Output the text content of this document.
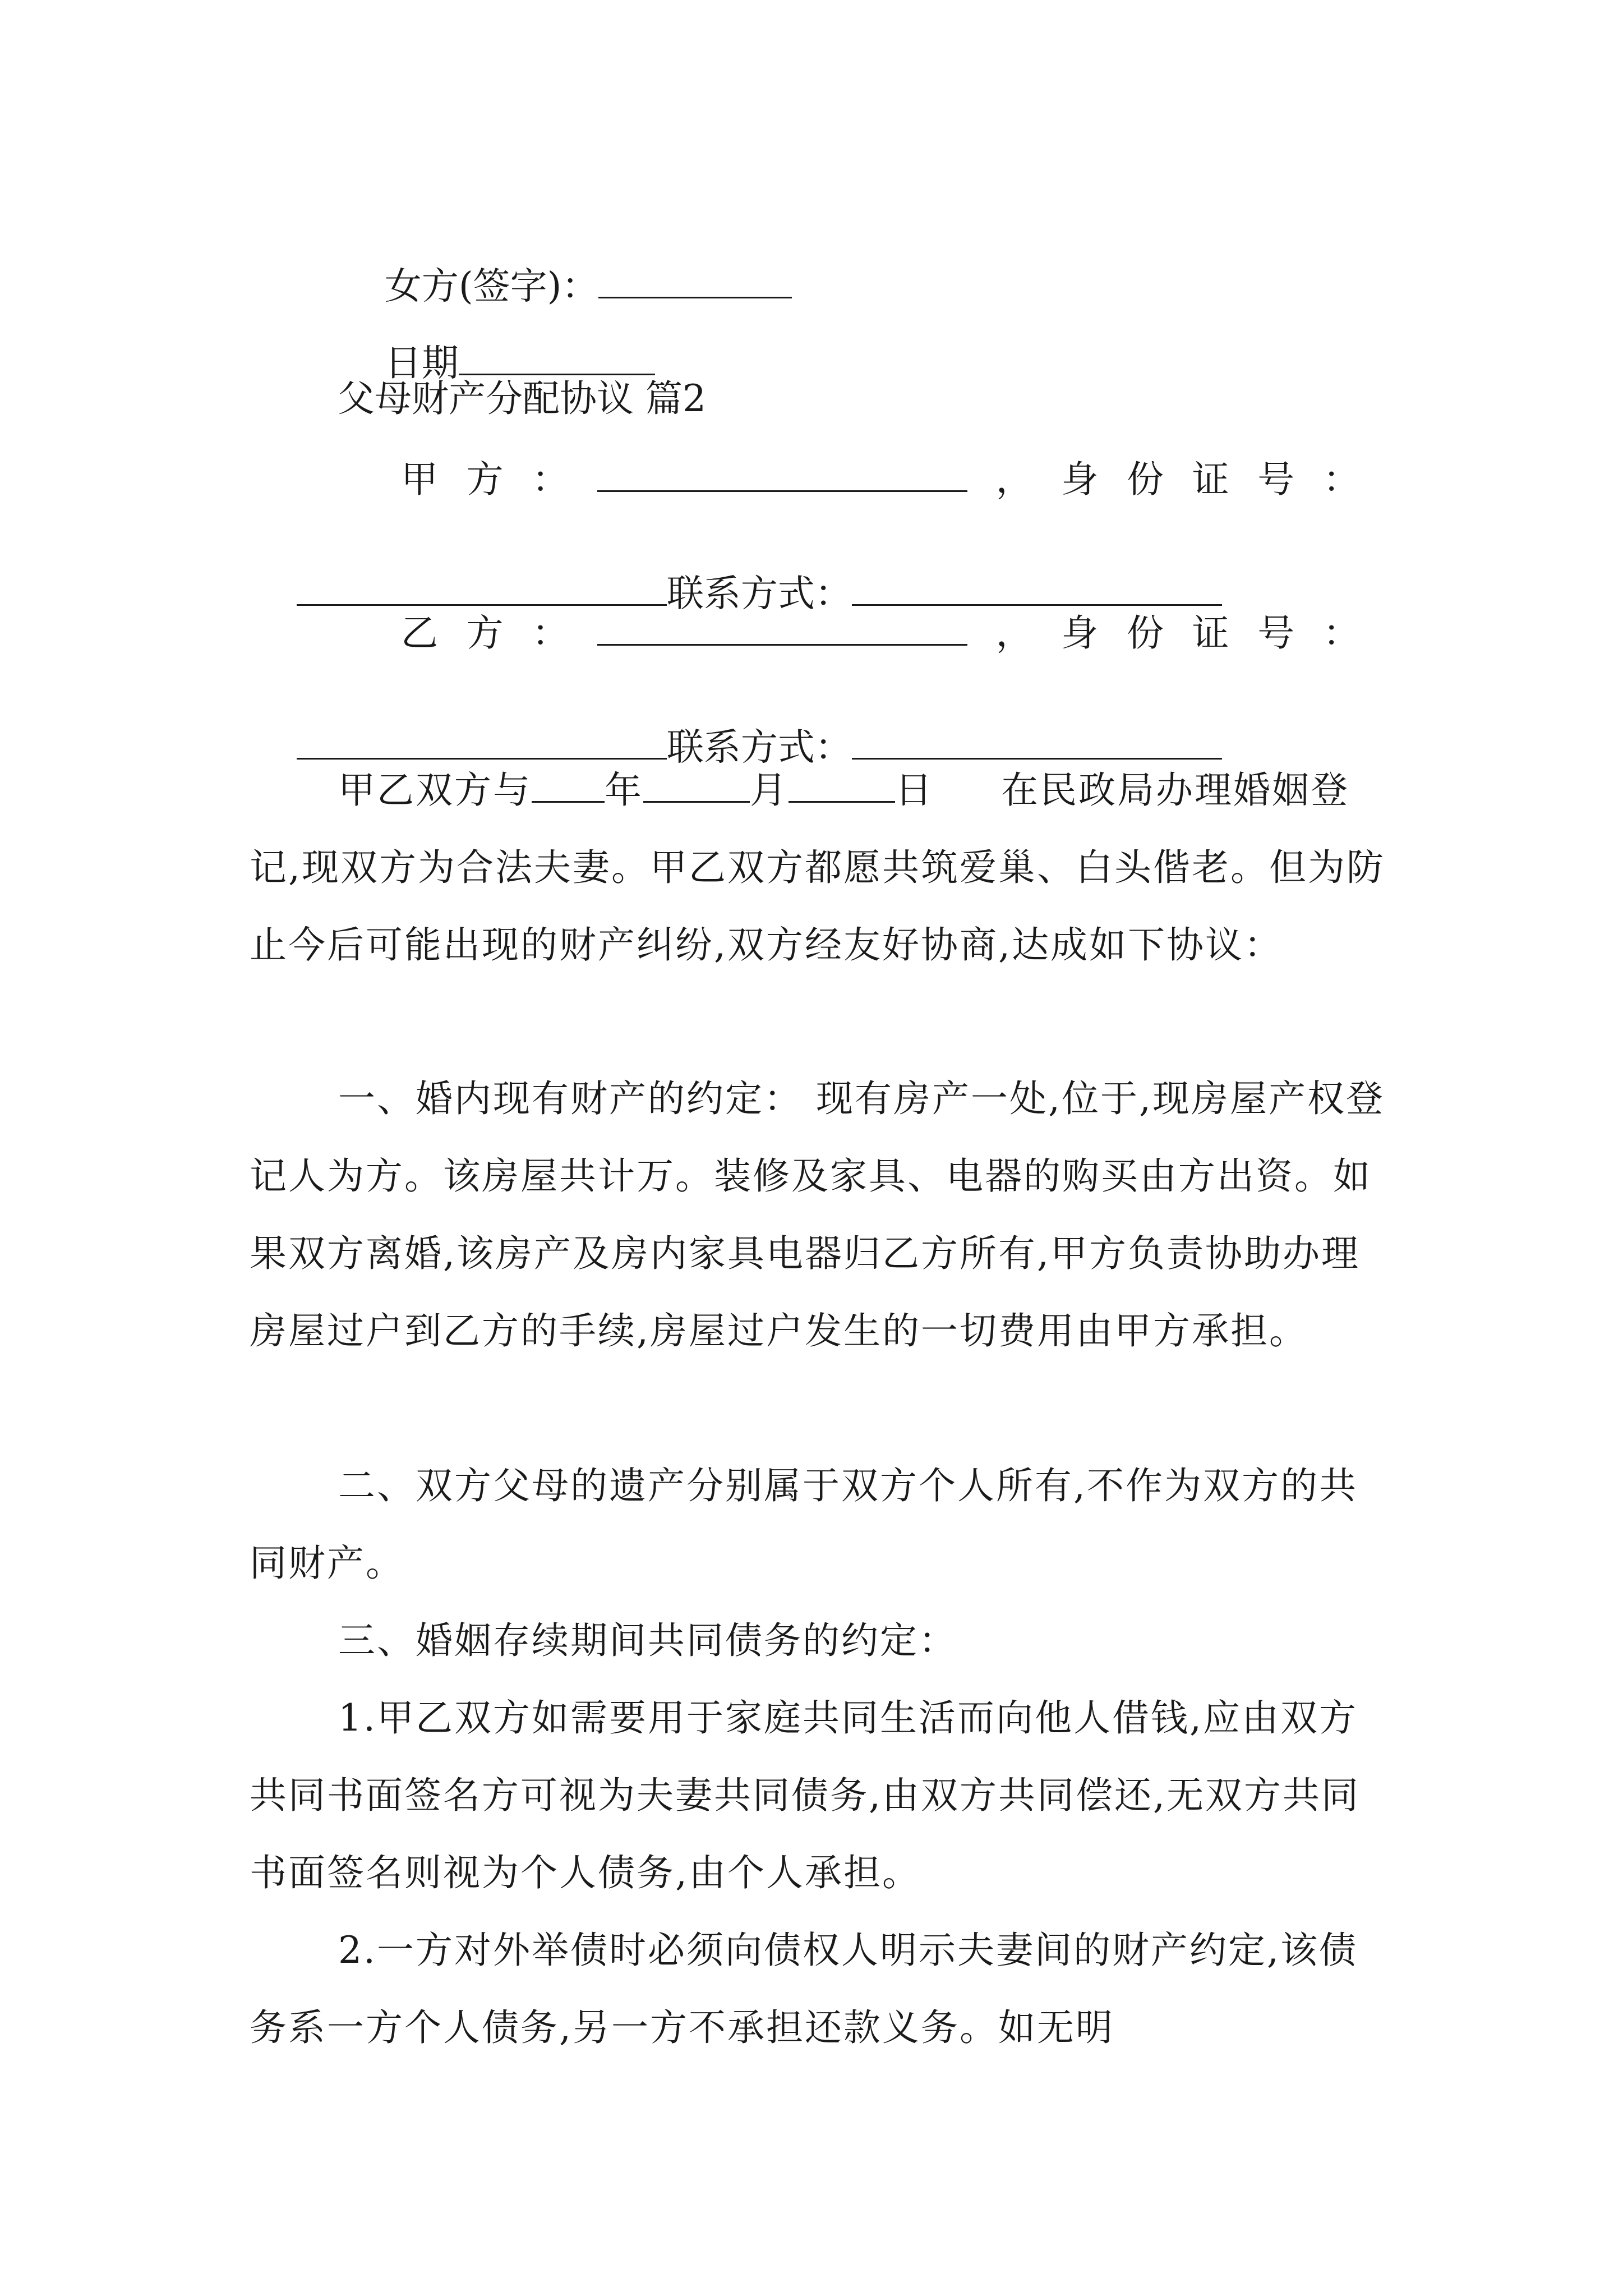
女方(签字)：

日期

父母财产分配协议 篇2
甲 方 ：	， 身 份 证 号 ：

联系方式：

乙 方 ：	， 身 份 证 号 ：

联系方式：

甲乙双方与 年	月	日 在民政局办理婚姻登记,现双方为合法夫妻。甲乙双方都愿共筑爱巢、白头偕老。但为防止今后可能出现的财产纠纷,双方经友好协商,达成如下协议：
一、婚内现有财产的约定： 现有房产一处,位于,现房屋产权登记人为方。该房屋共计万。装修及家具、电器的购买由方出资。如果双方离婚,该房产及房内家具电器归乙方所有,甲方负责协助办理房屋过户到乙方的手续,房屋过户发生的一切费用由甲方承担。
二、双方父母的遗产分别属于双方个人所有,不作为双方的共同财产。
三、婚姻存续期间共同债务的约定：
1.甲乙双方如需要用于家庭共同生活而向他人借钱,应由双方共同书面签名方可视为夫妻共同债务,由双方共同偿还,无双方共同书面签名则视为个人债务,由个人承担。
2.一方对外举债时必须向债权人明示夫妻间的财产约定,该债务系一方个人债务,另一方不承担还款义务。如无明
